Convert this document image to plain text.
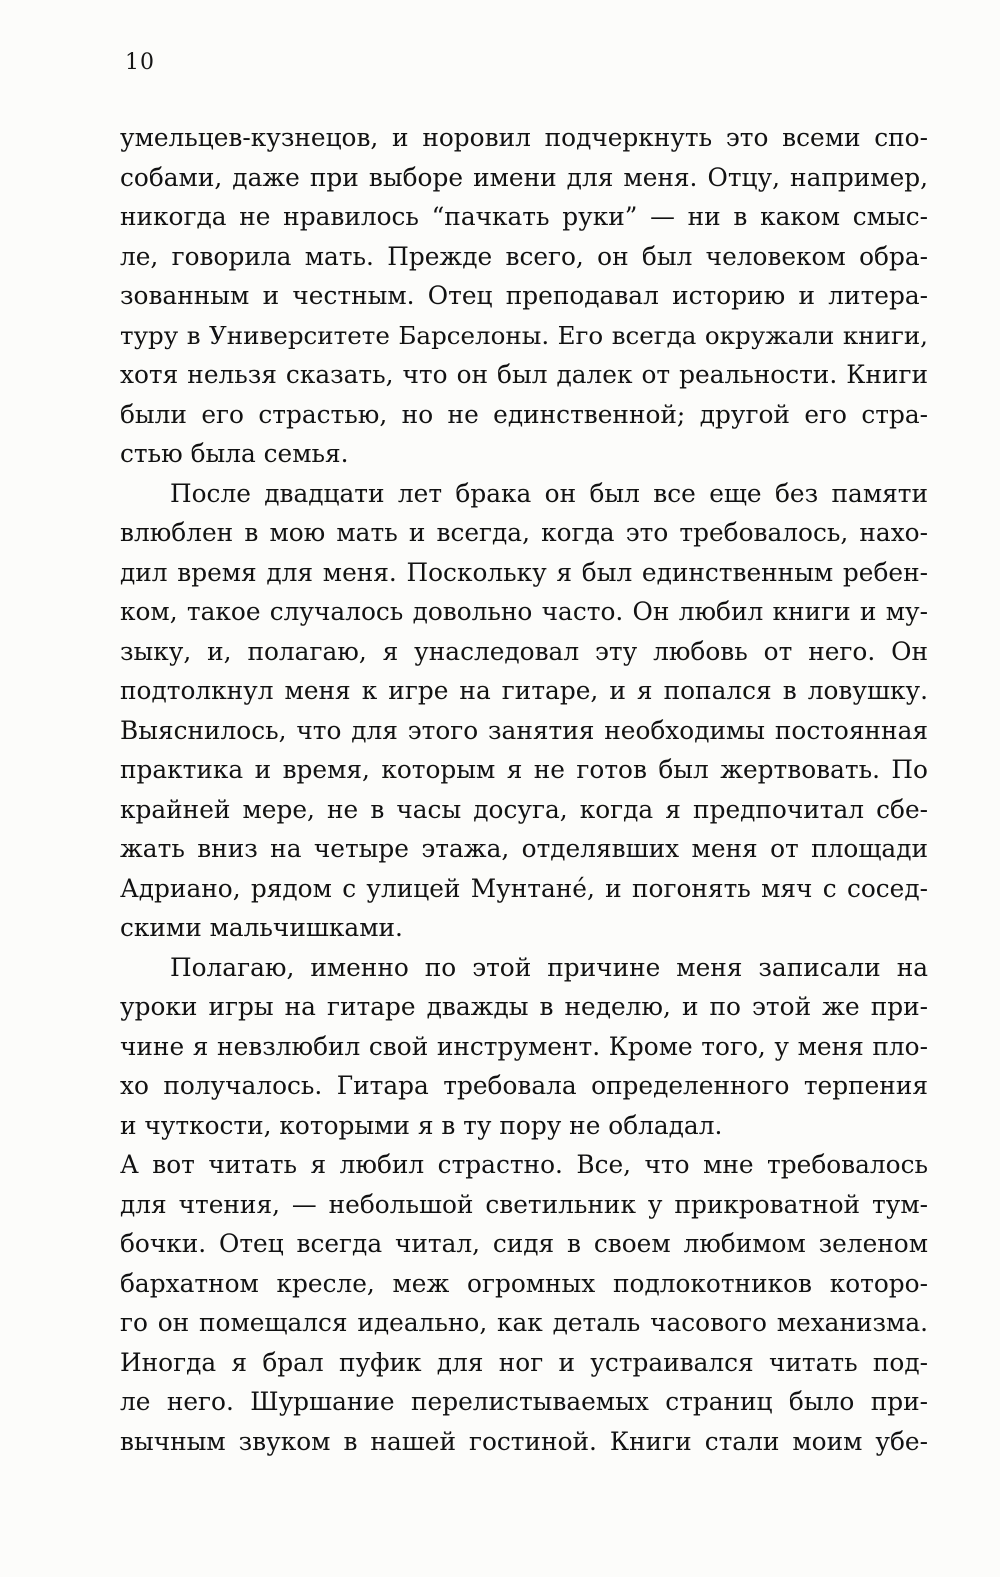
10

умельцев-кузнецов, и норовил подчеркнуть это всеми спо-
собами, даже при выборе имени для меня. Отцу, например,
никогда не нравилось “пачкать руки” — ни в каком смыс-
ле, говорила мать. Прежде всего, он был человеком обра-
зованным и честным. Отец преподавал историю и литера-
туру в Университете Барселоны. Его всегда окружали книги,
хотя нельзя сказать, что он был далек от реальности. Книги
были его страстью, но не единственной; другой его стра-
стью была семья.

После двадцати лет брака он был все еще без памяти
влюблен в мою мать и всегда, когда это требовалось, нахо-
дил время для меня. Поскольку я был единственным ребен-
ком, такое случалось довольно часто. Он любил книги и му-
зыку, и, полагаю, я унаследовал эту любовь от него. Он
подтолкнул меня к игре на гитаре, и я попался в ловушку.
Выяснилось, что для этого занятия необходимы постоянная
практика и время, которым я не готов был жертвовать. По
крайней мере, не в часы досуга, когда я предпочитал сбе-
жать вниз на четыре этажа, отделявших меня от площади
Адриано, рядом с улицей Мунтане́, и погонять мяч с сосед-
скими мальчишками.

Полагаю, именно по этой причине меня записали на
уроки игры на гитаре дважды в неделю, и по этой же при-
чине я невзлюбил свой инструмент. Кроме того, у меня пло-
хо получалось. Гитара требовала определенного терпения
и чуткости, которыми я в ту пору не обладал.

А вот читать я любил страстно. Все, что мне требовалось
для чтения, — небольшой светильник у прикроватной тум-
бочки. Отец всегда читал, сидя в своем любимом зеленом
бархатном кресле, меж огромных подлокотников которо-
го он помещался идеально, как деталь часового механизма.
Иногда я брал пуфик для ног и устраивался читать под-
ле него. Шуршание перелистываемых страниц было при-
вычным звуком в нашей гостиной. Книги стали моим убе-
